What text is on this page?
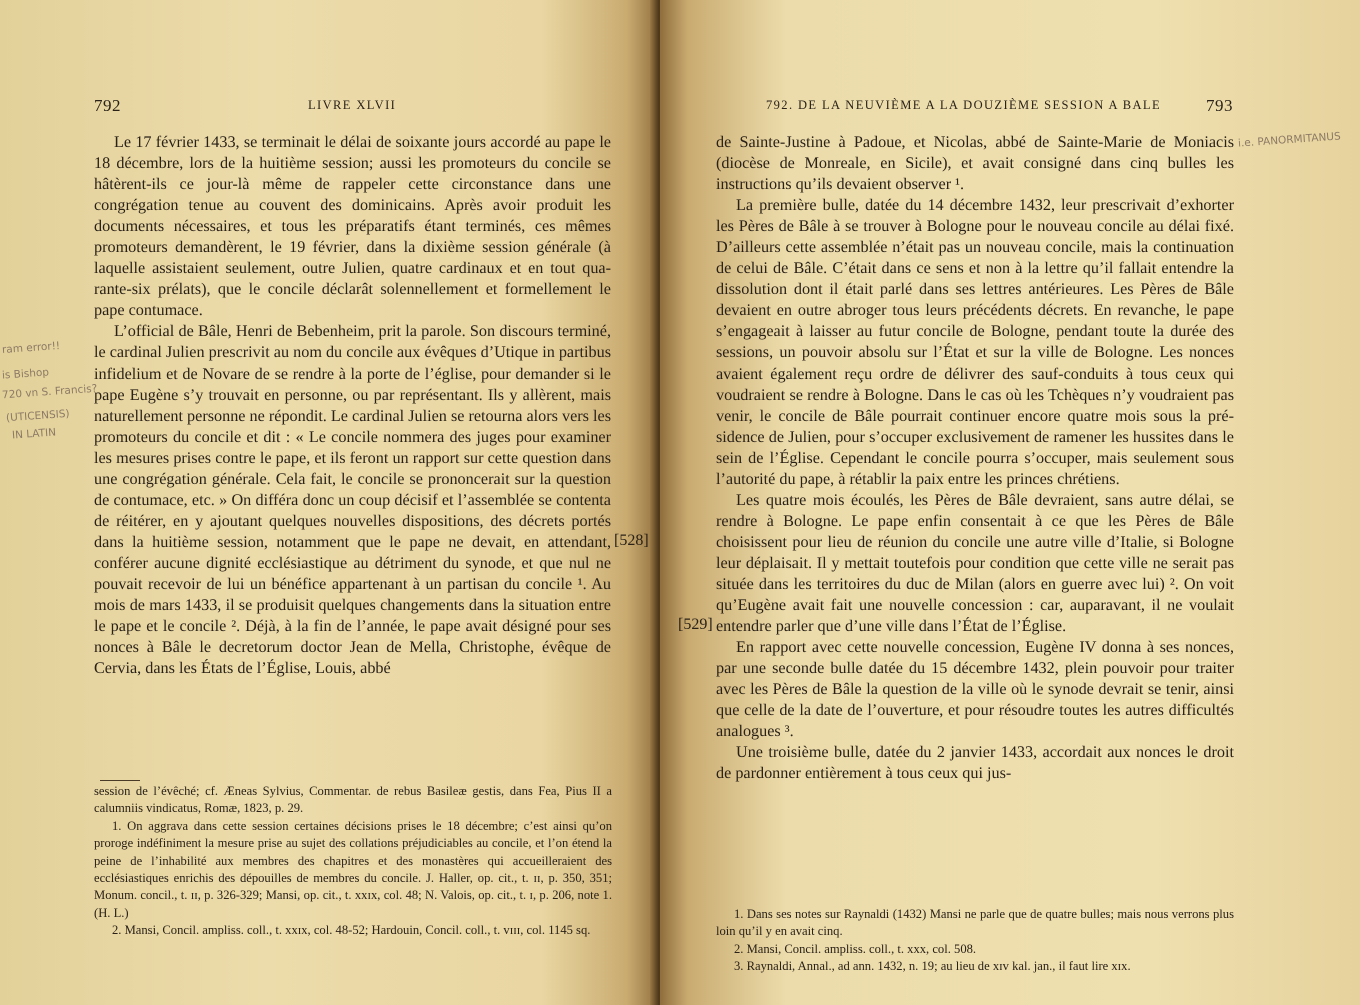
792	LIVRE XLVII

Le 17 février 1433, se terminait le délai de soixante jours accordé au pape le 18 décembre, lors de la huitième session; aussi les promoteurs du concile se hâtèrent-ils ce jour-là même de rappeler cette circonstance dans une congrégation tenue au couvent des dominicains. Après avoir produit les documents nécessaires, et tous les préparatifs étant terminés, ces mêmes promoteurs demandèrent, le 19 février, dans la dixième session générale (à laquelle assistaient seulement, outre Julien, quatre cardinaux et en tout quarante-six prélats), que le concile déclarât solennellement et formellement le pape contumace.

L’official de Bâle, Henri de Bebenheim, prit la parole. Son discours terminé, le cardinal Julien prescrivit au nom du concile aux évêques d’Utique in partibus infidelium et de Novare de se rendre à la porte de l’église, pour demander si le pape Eugène s’y trouvait en personne, ou par représentant. Ils y allèrent, mais naturellement personne ne répondit. Le cardinal Julien se retourna alors vers les promoteurs du concile et dit : « Le concile nommera des juges pour examiner les mesures prises contre le pape, et ils feront un rapport sur cette question dans une congrégation générale. Cela fait, le concile se prononcerait sur la question de contumace, etc. » On différa donc un coup décisif et l’assemblée se contenta de réitérer, en y ajoutant quelques nouvelles dispositions, des décrets portés dans la huitième session, notamment que le pape ne devait, en attendant, conférer aucune dignité ecclésiastique au détriment du synode, et que nul ne pouvait recevoir de lui un bénéfice appartenant à un partisan du concile ¹. Au mois de mars 1433, il se produisit quelques changements dans la situation entre le pape et le concile ². Déjà, à la fin de l’année, le pape avait désigné pour ses nonces à Bâle le decretorum doctor Jean de Mella, Christophe, évêque de Cervia, dans les États de l’Église, Louis, abbé

[528]

session de l’évêché; cf. Æneas Sylvius, Commentar. de rebus Basileæ gestis, dans Fea, Pius II a calumniis vindicatus, Romæ, 1823, p. 29.

1. On aggrava dans cette session certaines décisions prises le 18 décembre; c’est ainsi qu’on proroge indéfiniment la mesure prise au sujet des collations préjudiciables au concile, et l’on étend la peine de l’inhabilité aux membres des chapitres et des monastères qui accueilleraient des ecclésiastiques enrichis des dépouilles de membres du concile. J. Haller, op. cit., t. ɪɪ, p. 350, 351; Monum. concil., t. ɪɪ, p. 326-329; Mansi, op. cit., t. xxɪx, col. 48; N. Valois, op. cit., t. ɪ, p. 206, note 1. (H. L.)

2. Mansi, Concil. ampliss. coll., t. xxɪx, col. 48-52; Hardouin, Concil. coll., t. vɪɪɪ, col. 1145 sq.

ram error!!
is Bishop
720 vn S. Francis?
(UTICENSIS)
IN LATIN
792. DE LA NEUVIÈME A LA DOUZIÈME SESSION A BALE	793

de Sainte-Justine à Padoue, et Nicolas, abbé de Sainte-Marie de Moniacis (diocèse de Monreale, en Sicile), et avait consigné dans cinq bulles les instructions qu’ils devaient observer ¹.

La première bulle, datée du 14 décembre 1432, leur prescrivait d’exhorter les Pères de Bâle à se trouver à Bologne pour le nouveau concile au délai fixé. D’ailleurs cette assemblée n’était pas un nouveau concile, mais la continuation de celui de Bâle. C’était dans ce sens et non à la lettre qu’il fallait entendre la dissolution dont il était parlé dans ses lettres antérieures. Les Pères de Bâle devaient en outre abroger tous leurs précédents décrets. En revanche, le pape s’engageait à laisser au futur concile de Bologne, pendant toute la durée des sessions, un pouvoir absolu sur l’État et sur la ville de Bologne. Les nonces avaient également reçu ordre de délivrer des sauf-conduits à tous ceux qui voudraient se rendre à Bologne. Dans le cas où les Tchèques n’y voudraient pas venir, le concile de Bâle pourrait continuer encore quatre mois sous la présidence de Julien, pour s’occuper exclusivement de ramener les hussites dans le sein de l’Église. Cependant le concile pourra s’occuper, mais seulement sous l’autorité du pape, à rétablir la paix entre les princes chrétiens.

Les quatre mois écoulés, les Pères de Bâle devraient, sans autre délai, se rendre à Bologne. Le pape enfin consentait à ce que les Pères de Bâle choisissent pour lieu de réunion du concile une autre ville d’Italie, si Bologne leur déplaisait. Il y mettait toutefois pour condition que cette ville ne serait pas située dans les territoires du duc de Milan (alors en guerre avec lui) ². On voit qu’Eugène avait fait une nouvelle concession : car, auparavant, il ne voulait entendre parler que d’une ville dans l’État de l’Église.

En rapport avec cette nouvelle concession, Eugène IV donna à ses nonces, par une seconde bulle datée du 15 décembre 1432, plein pouvoir pour traiter avec les Pères de Bâle la question de la ville où le synode devrait se tenir, ainsi que celle de la date de l’ouverture, et pour résoudre toutes les autres difficultés analogues ³.

Une troisième bulle, datée du 2 janvier 1433, accordait aux nonces le droit de pardonner entièrement à tous ceux qui jus-

[529]

1. Dans ses notes sur Raynaldi (1432) Mansi ne parle que de quatre bulles; mais nous verrons plus loin qu’il y en avait cinq.

2. Mansi, Concil. ampliss. coll., t. xxx, col. 508.

3. Raynaldi, Annal., ad ann. 1432, n. 19; au lieu de xɪv kal. jan., il faut lire xɪx.

i.e. PANORMITANUS
